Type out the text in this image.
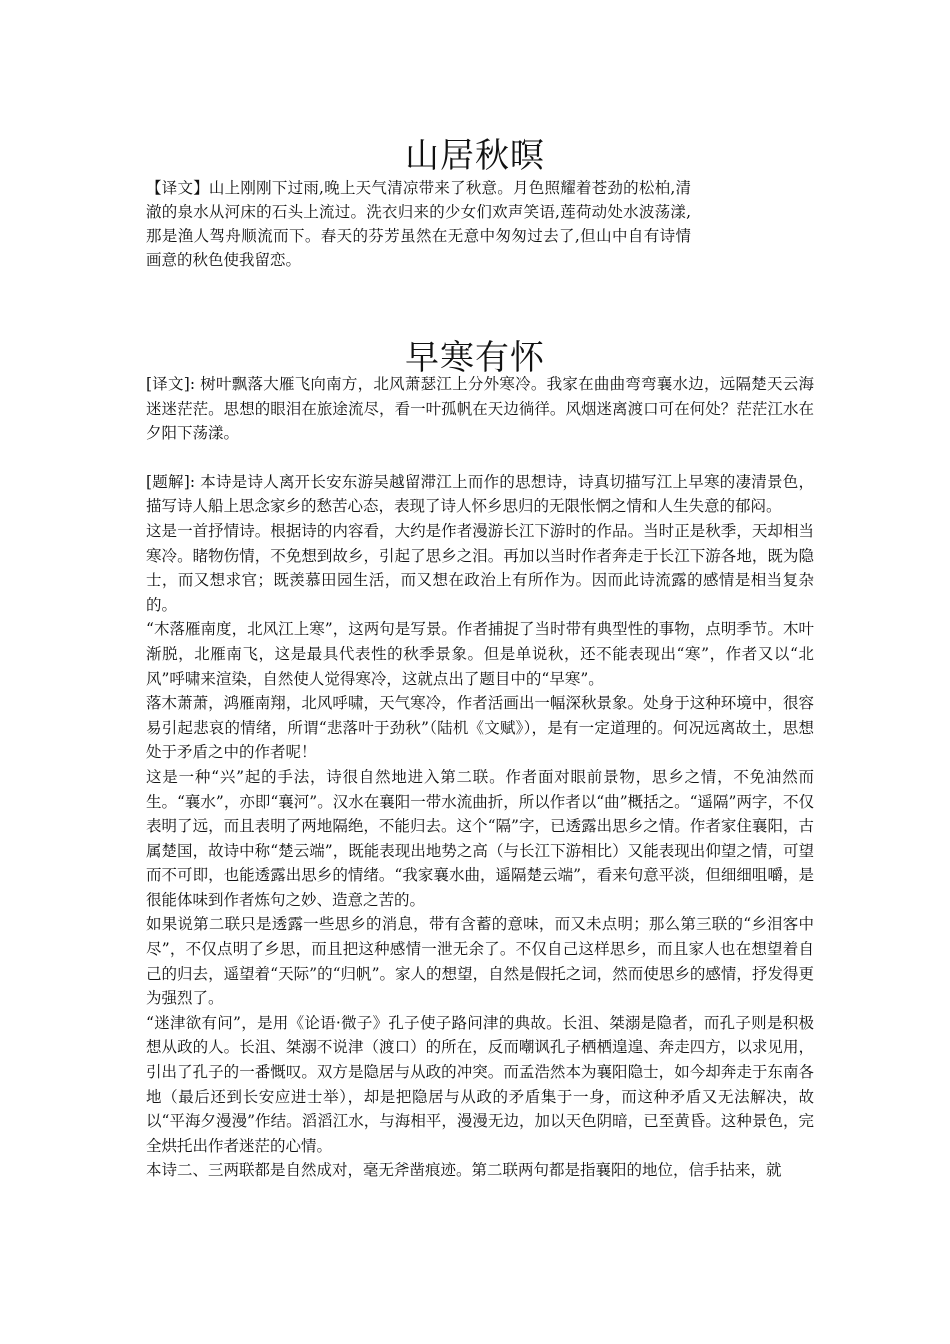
山居秋暝

【译文】山上刚刚下过雨,晚上天气清凉带来了秋意。月色照耀着苍劲的松柏,清澈的泉水从河床的石头上流过。洗衣归来的少女们欢声笑语,莲荷动处水波荡漾,那是渔人驾舟顺流而下。春天的芬芳虽然在无意中匆匆过去了,但山中自有诗情画意的秋色使我留恋。

早寒有怀

[译文]: 树叶飘落大雁飞向南方，北风萧瑟江上分外寒冷。我家在曲曲弯弯襄水边，远隔楚天云海迷迷茫茫。思想的眼泪在旅途流尽，看一叶孤帆在天边徜徉。风烟迷离渡口可在何处？茫茫江水在夕阳下荡漾。

[题解]: 本诗是诗人离开长安东游吴越留滞江上而作的思想诗，诗真切描写江上早寒的凄清景色，描写诗人船上思念家乡的愁苦心态，表现了诗人怀乡思归的无限怅惘之情和人生失意的郁闷。

这是一首抒情诗。根据诗的内容看，大约是作者漫游长江下游时的作品。当时正是秋季，天却相当寒冷。睹物伤情，不免想到故乡，引起了思乡之泪。再加以当时作者奔走于长江下游各地，既为隐士，而又想求官；既羡慕田园生活，而又想在政治上有所作为。因而此诗流露的感情是相当复杂的。

“木落雁南度，北风江上寒”，这两句是写景。作者捕捉了当时带有典型性的事物，点明季节。木叶渐脱，北雁南飞，这是最具代表性的秋季景象。但是单说秋，还不能表现出“寒”，作者又以“北风”呼啸来渲染，自然使人觉得寒冷，这就点出了题目中的“早寒”。

落木萧萧，鸿雁南翔，北风呼啸，天气寒冷，作者活画出一幅深秋景象。处身于这种环境中，很容易引起悲哀的情绪，所谓“悲落叶于劲秋”（陆机《文赋》），是有一定道理的。何况远离故土，思想处于矛盾之中的作者呢！

这是一种“兴”起的手法，诗很自然地进入第二联。作者面对眼前景物，思乡之情，不免油然而生。“襄水”，亦即“襄河”。汉水在襄阳一带水流曲折，所以作者以“曲”概括之。“遥隔”两字，不仅表明了远，而且表明了两地隔绝，不能归去。这个“隔”字，已透露出思乡之情。作者家住襄阳，古属楚国，故诗中称“楚云端”，既能表现出地势之高（与长江下游相比）又能表现出仰望之情，可望而不可即，也能透露出思乡的情绪。“我家襄水曲，遥隔楚云端”，看来句意平淡，但细细咀嚼，是很能体味到作者炼句之妙、造意之苦的。

如果说第二联只是透露一些思乡的消息，带有含蓄的意味，而又未点明；那么第三联的“乡泪客中尽”，不仅点明了乡思，而且把这种感情一泄无余了。不仅自己这样思乡，而且家人也在想望着自己的归去，遥望着“天际”的“归帆”。家人的想望，自然是假托之词，然而使思乡的感情，抒发得更为强烈了。

“迷津欲有问”，是用《论语·微子》孔子使子路问津的典故。长沮、桀溺是隐者，而孔子则是积极想从政的人。长沮、桀溺不说津（渡口）的所在，反而嘲讽孔子栖栖遑遑、奔走四方，以求见用，引出了孔子的一番慨叹。双方是隐居与从政的冲突。而孟浩然本为襄阳隐士，如今却奔走于东南各地（最后还到长安应进士举），却是把隐居与从政的矛盾集于一身，而这种矛盾又无法解决，故以“平海夕漫漫”作结。滔滔江水，与海相平，漫漫无边，加以天色阴暗，已至黄昏。这种景色，完全烘托出作者迷茫的心情。

本诗二、三两联都是自然成对，毫无斧凿痕迹。第二联两句都是指襄阳的地位，信手拈来，就
